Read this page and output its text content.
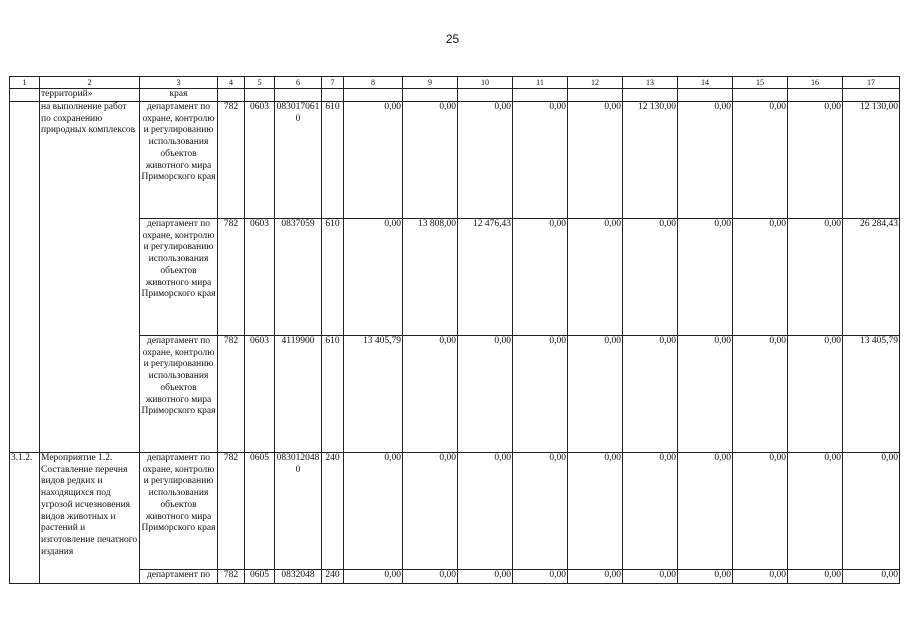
25
1	2	3	4	5	6	7	8	9	10	11	12	13	14	15	16	17
	территорий»	края														
	на выполнение работ по сохранению природных комплексов	департамент по охране, контролю и регулированию использования объектов животного мира Приморского края	782	0603	0830170610	610	0,00	0,00	0,00	0,00	0,00	12 130,00	0,00	0,00	0,00	12 130,00
		департамент по охране, контролю и регулированию использования объектов животного мира Приморского края	782	0603	0837059	610	0,00	13 808,00	12 476,43	0,00	0,00	0,00	0,00	0,00	0,00	26 284,43
		департамент по охране, контролю и регулированию использования объектов животного мира Приморского края	782	0603	4119900	610	13 405,79	0,00	0,00	0,00	0,00	0,00	0,00	0,00	0,00	13 405,79
3.1.2.	Мероприятие 1.2. Составление перечня видов редких и находящихся под угрозой исчезновения видов животных и растений и изготовление печатного издания	департамент по охране, контролю и регулированию использования объектов животного мира Приморского края	782	0605	0830120480	240	0,00	0,00	0,00	0,00	0,00	0,00	0,00	0,00	0,00	0,00
		департамент по	782	0605	0832048	240	0,00	0,00	0,00	0,00	0,00	0,00	0,00	0,00	0,00	0,00
